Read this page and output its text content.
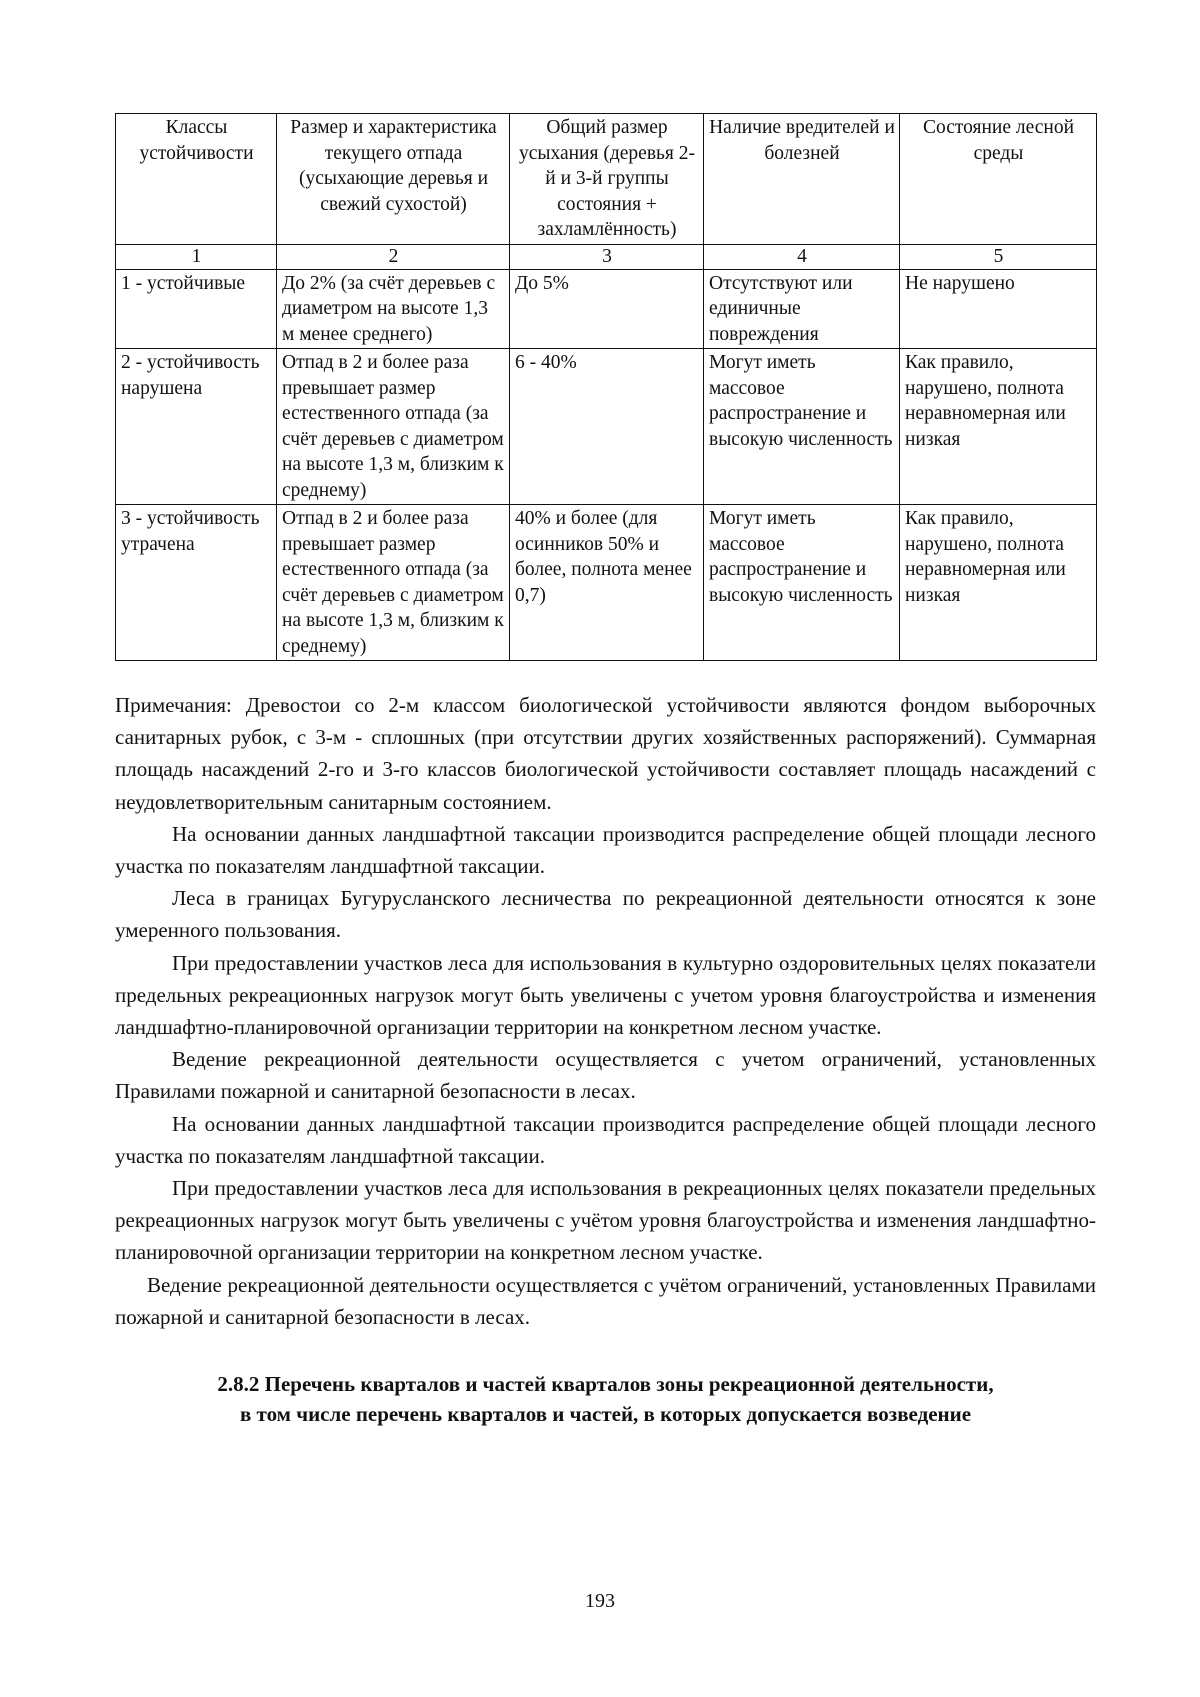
Классы устойчивости	Размер и характеристика текущего отпада (усыхающие деревья и свежий сухостой)	Общий размер усыхания (деревья 2-й и 3-й группы состояния + захламлённость)	Наличие вредителей и болезней	Состояние лесной среды
1	2	3	4	5
1 - устойчивые	До 2% (за счёт деревьев с диаметром на высоте 1,3 м менее среднего)	До 5%	Отсутствуют или единичные повреждения	Не нарушено
2 - устойчивость нарушена	Отпад в 2 и более раза превышает размер естественного отпада (за счёт деревьев с диаметром на высоте 1,3 м, близким к среднему)	6 - 40%	Могут иметь массовое распространение и высокую численность	Как правило, нарушено, полнота неравномерная или низкая
3 - устойчивость утрачена	Отпад в 2 и более раза превышает размер естественного отпада (за счёт деревьев с диаметром на высоте 1,3 м, близким к среднему)	40% и более (для осинников 50% и более, полнота менее 0,7)	Могут иметь массовое распространение и высокую численность	Как правило, нарушено, полнота неравномерная или низкая

Примечания: Древостои со 2-м классом биологической устойчивости являются фондом выборочных санитарных рубок, с 3-м - сплошных (при отсутствии других хозяйственных распоряжений). Суммарная площадь насаждений 2-го и 3-го классов биологической устойчивости составляет площадь насаждений с неудовлетворительным санитарным состоянием.

На основании данных ландшафтной таксации производится распределение общей площади лесного участка по показателям ландшафтной таксации.

Леса в границах Бугурусланского лесничества по рекреационной деятельности относятся к зоне умеренного пользования.

При предоставлении участков леса для использования в культурно оздоровительных целях показатели предельных рекреационных нагрузок могут быть увеличены с учетом уровня благоустройства и изменения ландшафтно-планировочной организации территории на конкретном лесном участке.

Ведение рекреационной деятельности осуществляется с учетом ограничений, установленных Правилами пожарной и санитарной безопасности в лесах.

На основании данных ландшафтной таксации производится распределение общей площади лесного участка по показателям ландшафтной таксации.

При предоставлении участков леса для использования в рекреационных целях показатели предельных рекреационных нагрузок могут быть увеличены с учётом уровня благоустройства и изменения ландшафтно-планировочной организации территории на конкретном лесном участке.

Ведение рекреационной деятельности осуществляется с учётом ограничений, установленных Правилами пожарной и санитарной безопасности в лесах.

2.8.2 Перечень кварталов и частей кварталов зоны рекреационной деятельности,
в том числе перечень кварталов и частей, в которых допускается возведение
193
